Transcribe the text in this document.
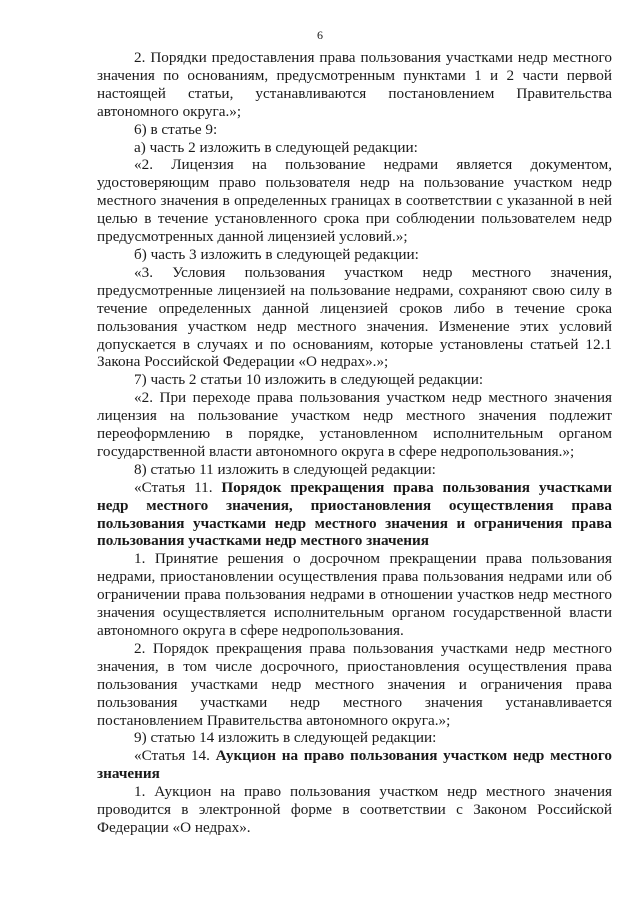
6

2. Порядки предоставления права пользования участками недр местного значения по основаниям, предусмотренным пунктами 1 и 2 части первой настоящей статьи, устанавливаются постановлением Правительства автономного округа.»;

6) в статье 9:

а) часть 2 изложить в следующей редакции:

«2. Лицензия на пользование недрами является документом, удостоверяющим право пользователя недр на пользование участком недр местного значения в определенных границах в соответствии с указанной в ней целью в течение установленного срока при соблюдении пользователем недр предусмотренных данной лицензией условий.»;

б) часть 3 изложить в следующей редакции:

«3. Условия пользования участком недр местного значения, предусмотренные лицензией на пользование недрами, сохраняют свою силу в течение определенных данной лицензией сроков либо в течение срока пользования участком недр местного значения. Изменение этих условий допускается в случаях и по основаниям, которые установлены статьей 12.1 Закона Российской Федерации «О недрах».»;

7) часть 2 статьи 10 изложить в следующей редакции:

«2. При переходе права пользования участком недр местного значения лицензия на пользование участком недр местного значения подлежит переоформлению в порядке, установленном исполнительным органом государственной власти автономного округа в сфере недропользования.»;

8) статью 11 изложить в следующей редакции:

«Статья 11. Порядок прекращения права пользования участками недр местного значения, приостановления осуществления права пользования участками недр местного значения и ограничения права пользования участками недр местного значения

1. Принятие решения о досрочном прекращении права пользования недрами, приостановлении осуществления права пользования недрами или об ограничении права пользования недрами в отношении участков недр местного значения осуществляется исполнительным органом государственной власти автономного округа в сфере недропользования.

2. Порядок прекращения права пользования участками недр местного значения, в том числе досрочного, приостановления осуществления права пользования участками недр местного значения и ограничения права пользования участками недр местного значения устанавливается постановлением Правительства автономного округа.»;

9) статью 14 изложить в следующей редакции:

«Статья 14. Аукцион на право пользования участком недр местного значения

1. Аукцион на право пользования участком недр местного значения проводится в электронной форме в соответствии с Законом Российской Федерации «О недрах».
